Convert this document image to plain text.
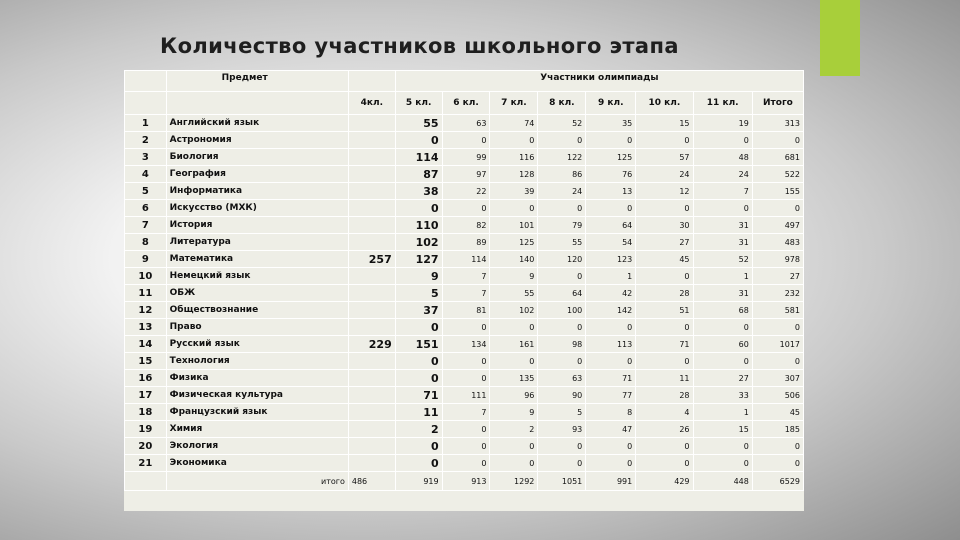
Количество участников школьного этапа
	Предмет		Участники олимпиады							
		4кл.	5 кл.	6 кл.	7 кл.	8 кл.	9 кл.	10 кл.	11 кл.	Итого
1	Английский язык		55	63	74	52	35	15	19	313
2	Астрономия		0	0	0	0	0	0	0	0
3	Биология		114	99	116	122	125	57	48	681
4	География		87	97	128	86	76	24	24	522
5	Информатика		38	22	39	24	13	12	7	155
6	Искусство (МХК)		0	0	0	0	0	0	0	0
7	История		110	82	101	79	64	30	31	497
8	Литература		102	89	125	55	54	27	31	483
9	Математика	257	127	114	140	120	123	45	52	978
10	Немецкий язык		9	7	9	0	1	0	1	27
11	ОБЖ		5	7	55	64	42	28	31	232
12	Обществознание		37	81	102	100	142	51	68	581
13	Право		0	0	0	0	0	0	0	0
14	Русский язык	229	151	134	161	98	113	71	60	1017
15	Технология		0	0	0	0	0	0	0	0
16	Физика		0	0	135	63	71	11	27	307
17	Физическая культура		71	111	96	90	77	28	33	506
18	Французский язык		11	7	9	5	8	4	1	45
19	Химия		2	0	2	93	47	26	15	185
20	Экология		0	0	0	0	0	0	0	0
21	Экономика		0	0	0	0	0	0	0	0
	итого	486	919	913	1292	1051	991	429	448	6529
